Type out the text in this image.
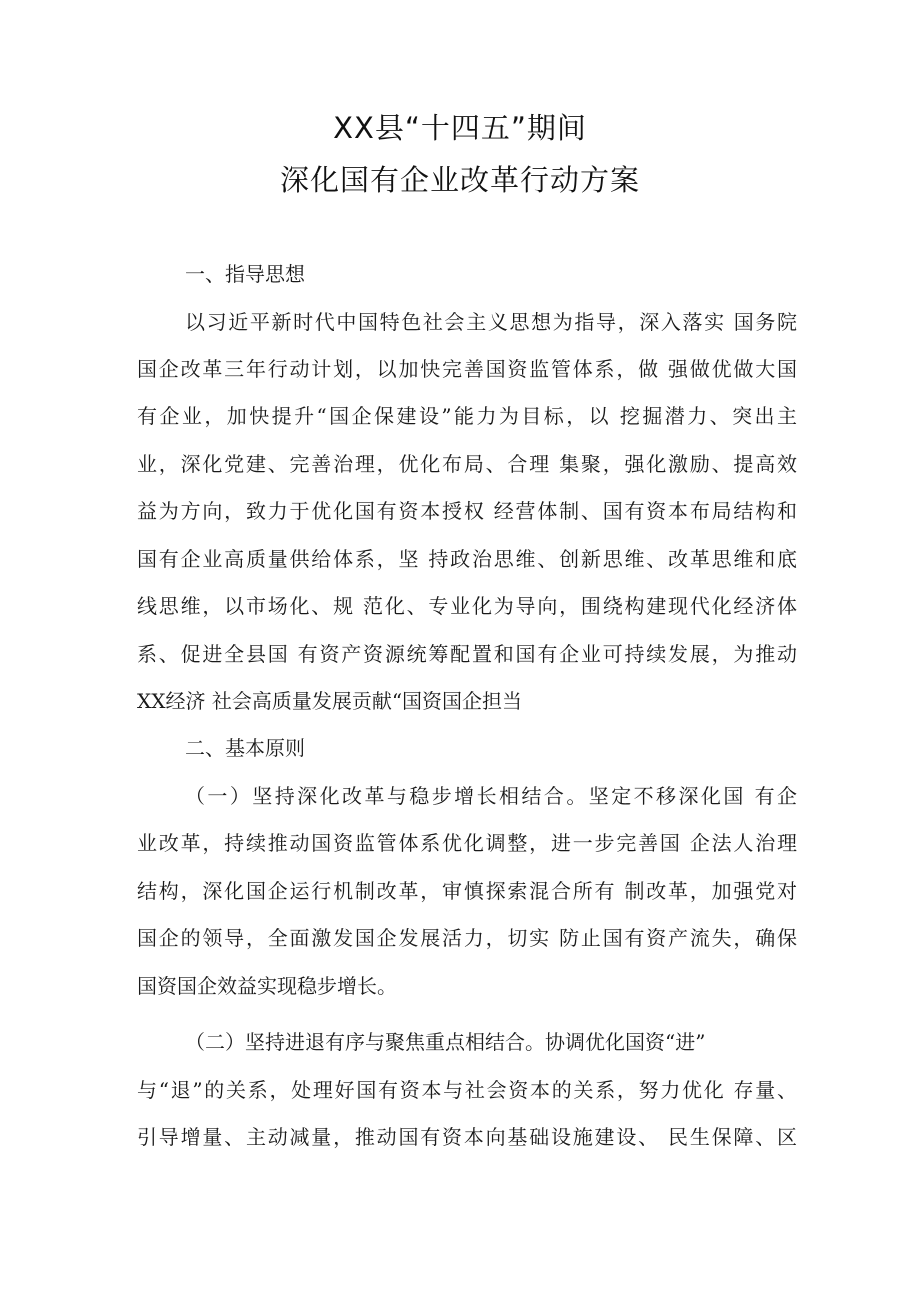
XX县“十四五”期间
深化国有企业改革行动方案
一、指导思想
以习近平新时代中国特色社会主义思想为指导，深入落实 国务院
国企改革三年行动计划，以加快完善国资监管体系，做 强做优做大国
有企业，加快提升“国企保建设”能力为目标，以 挖掘潜力、突出主
业，深化党建、完善治理，优化布局、合理 集聚，强化激励、提高效
益为方向，致力于优化国有资本授权 经营体制、国有资本布局结构和
国有企业高质量供给体系，坚 持政治思维、创新思维、改革思维和底
线思维，以市场化、规 范化、专业化为导向，围绕构建现代化经济体
系、促进全县国 有资产资源统筹配置和国有企业可持续发展，为推动
XX经济 社会高质量发展贡献“国资国企担当
二、基本原则
（一）坚持深化改革与稳步增长相结合。坚定不移深化国 有企
业改革，持续推动国资监管体系优化调整，进一步完善国 企法人治理
结构，深化国企运行机制改革，审慎探索混合所有 制改革，加强党对
国企的领导，全面激发国企发展活力，切实 防止国有资产流失，确保
国资国企效益实现稳步增长。
（二）坚持进退有序与聚焦重点相结合。协调优化国资“进”
与“退”的关系，处理好国有资本与社会资本的关系，努力优化 存量、
引导增量、主动减量，推动国有资本向基础设施建设、 民生保障、区
